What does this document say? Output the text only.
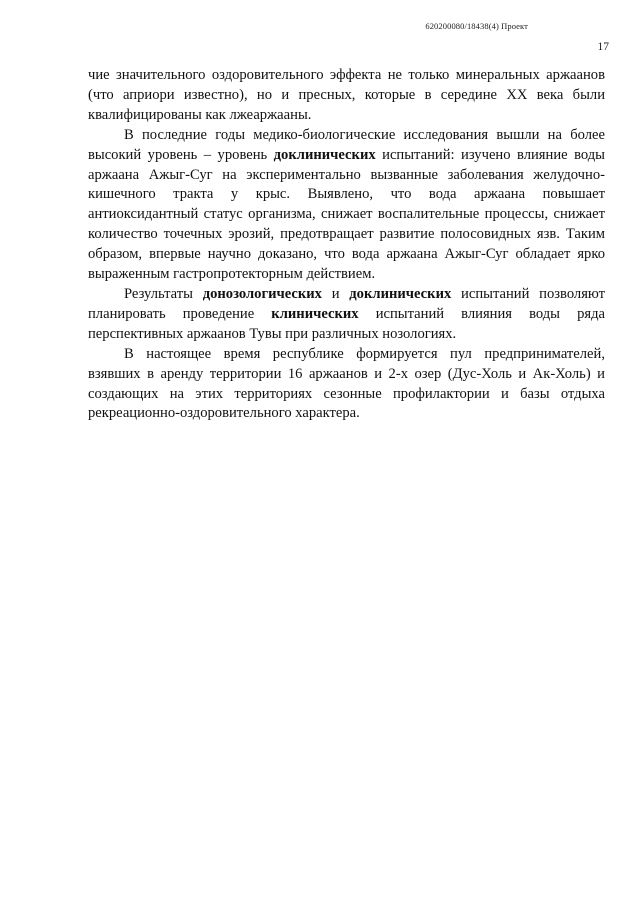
620200080/18438(4) Проект
17

чие значительного оздоровительного эффекта не только минеральных аржаанов (что априори известно), но и пресных, которые в середине XX века были квалифицированы как лжеаржааны.

В последние годы медико-биологические исследования вышли на более высокий уровень – уровень доклинических испытаний: изучено влияние воды аржаана Ажыг-Суг на экспериментально вызванные заболевания желудочно-кишечного тракта у крыс. Выявлено, что вода аржаана повышает антиоксидантный статус организма, снижает воспалительные процессы, снижает количество точечных эрозий, предотвращает развитие полосовидных язв. Таким образом, впервые научно доказано, что вода аржаана Ажыг-Суг обладает ярко выраженным гастропротекторным действием.

Результаты донозологических и доклинических испытаний позволяют планировать проведение клинических испытаний влияния воды ряда перспективных аржаанов Тувы при различных нозологиях.

В настоящее время республике формируется пул предпринимателей, взявших в аренду территории 16 аржаанов и 2-х озер (Дус-Холь и Ак-Холь) и создающих на этих территориях сезонные профилактории и базы отдыха рекреационно-оздоровительного характера.
